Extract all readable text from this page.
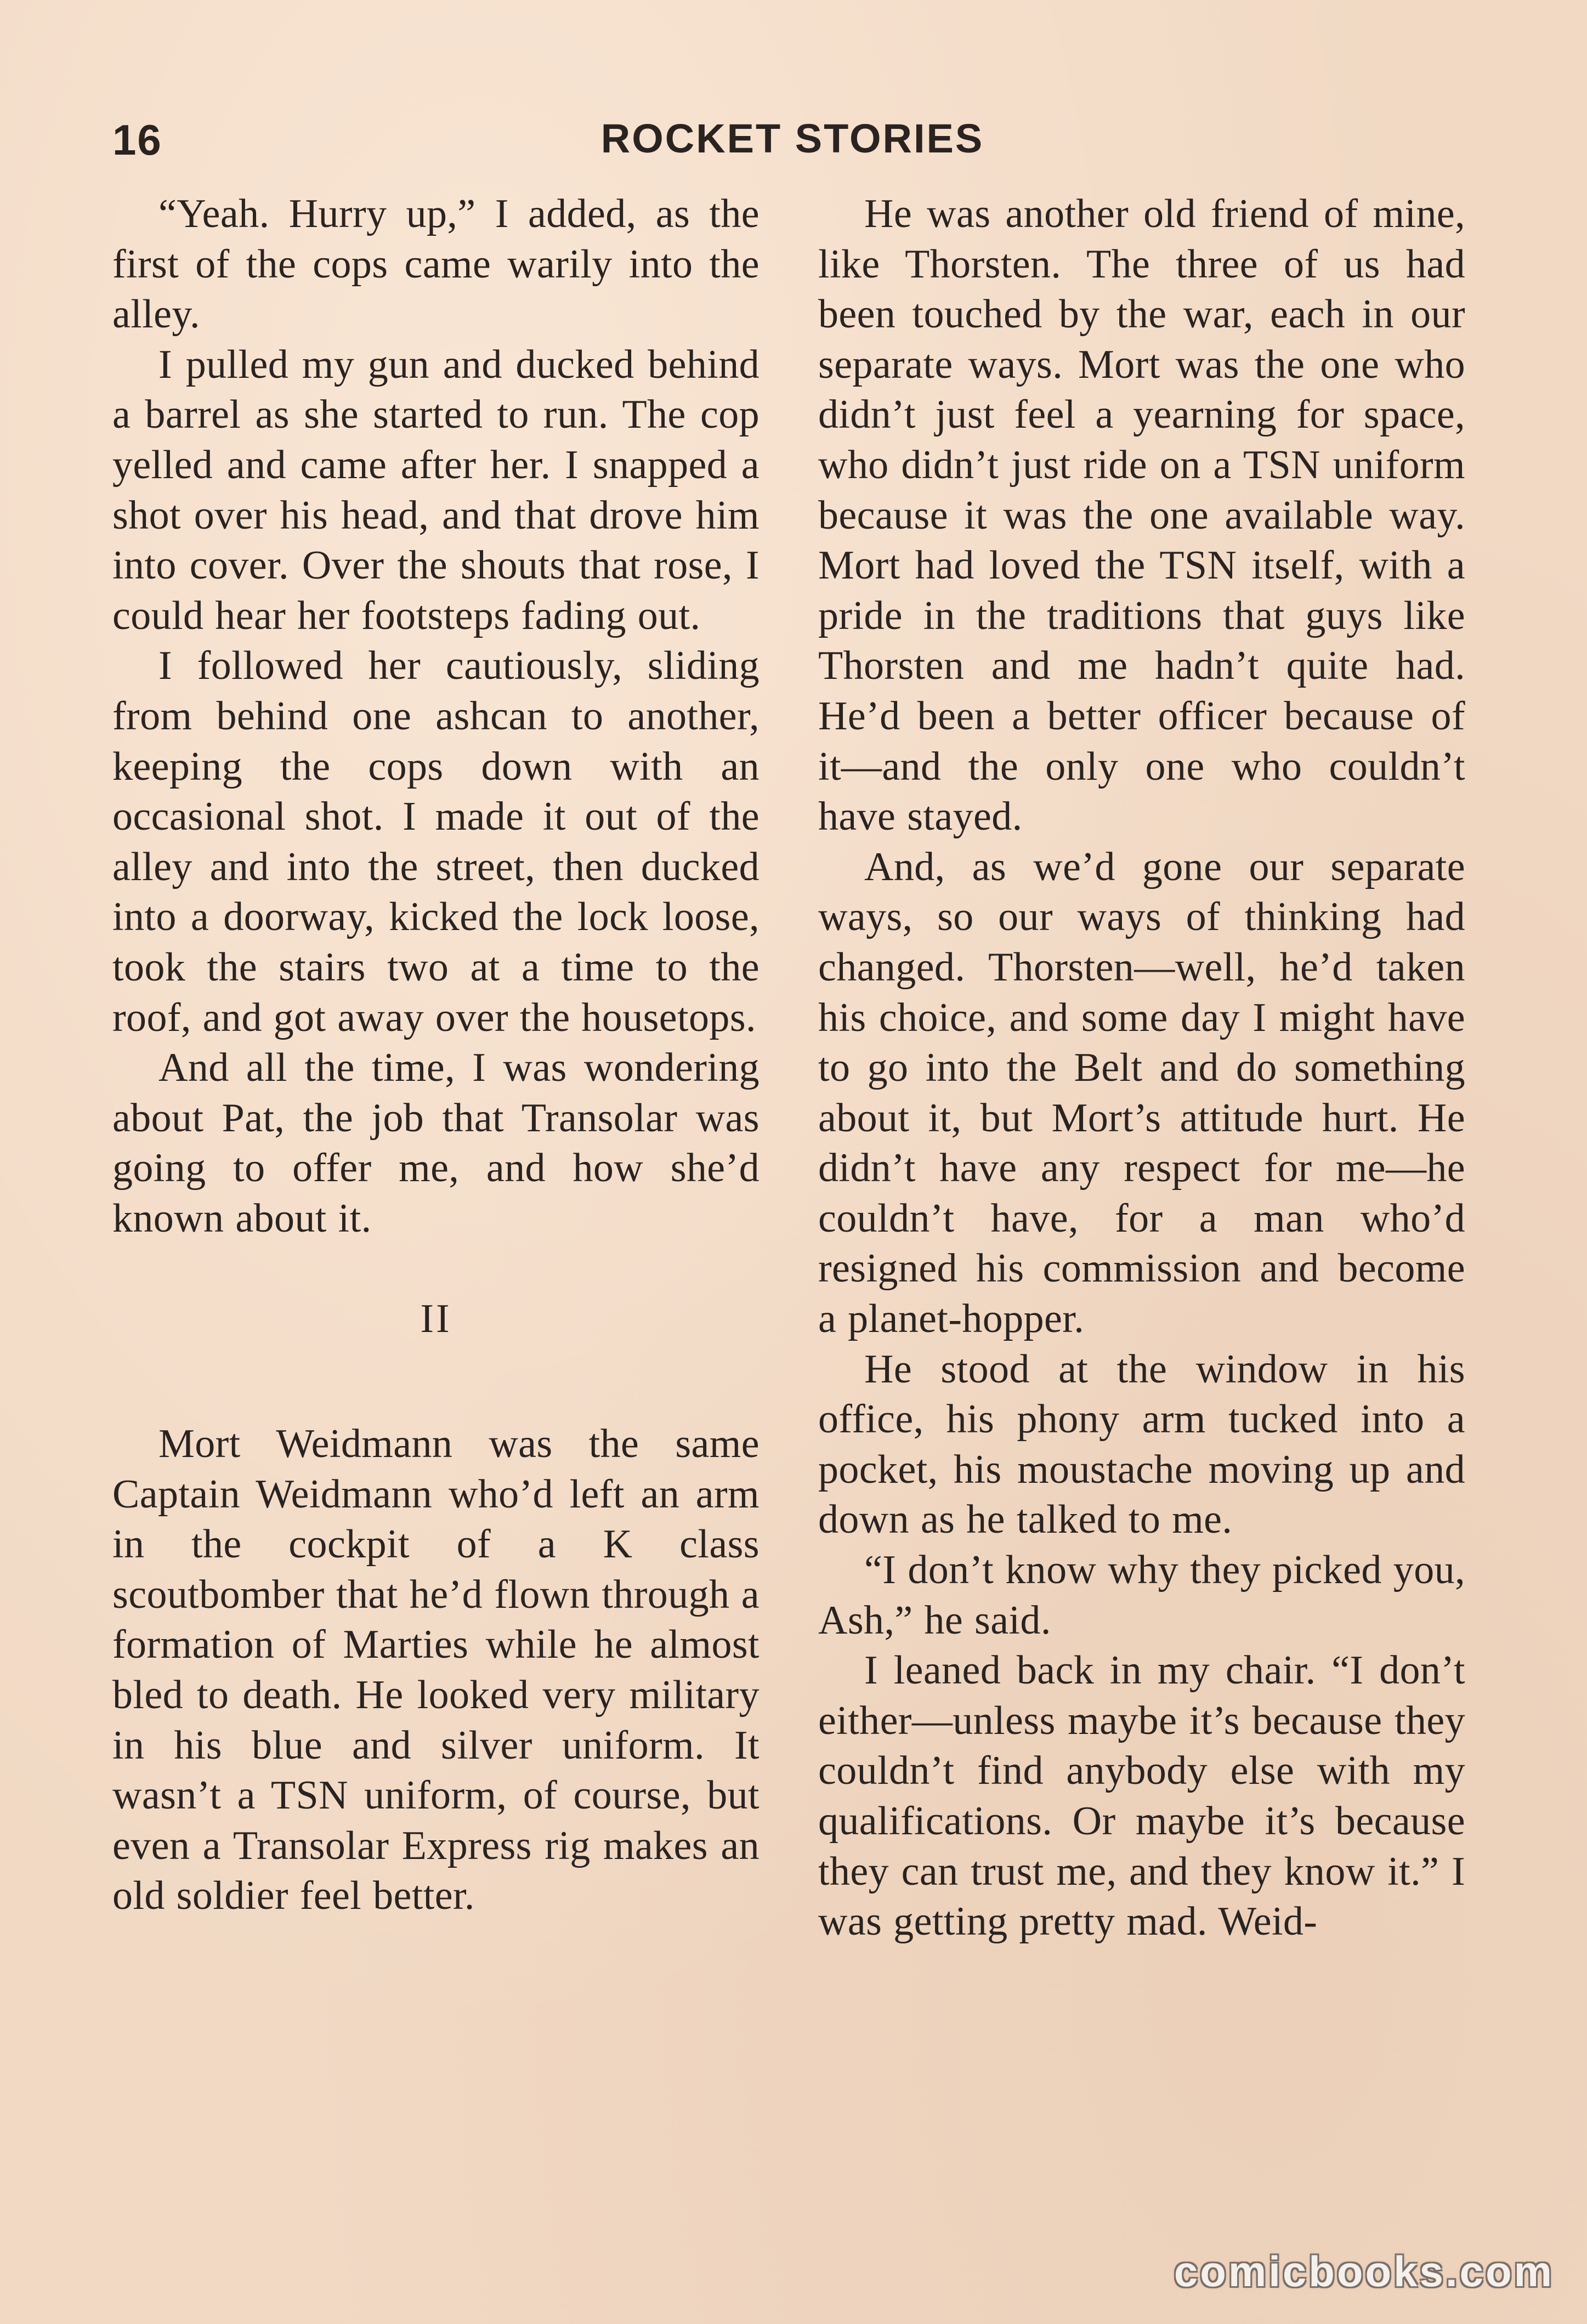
16	ROCKET STORIES

“Yeah. Hurry up,” I added, as the first of the cops came warily into the alley.

I pulled my gun and ducked behind a barrel as she started to run. The cop yelled and came after her. I snapped a shot over his head, and that drove him into cover. Over the shouts that rose, I could hear her footsteps fading out.

I followed her cautiously, sliding from behind one ashcan to another, keeping the cops down with an occasional shot. I made it out of the alley and into the street, then ducked into a doorway, kicked the lock loose, took the stairs two at a time to the roof, and got away over the housetops.

And all the time, I was wondering about Pat, the job that Transolar was going to offer me, and how she’d known about it.

II

Mort Weidmann was the same Captain Weidmann who’d left an arm in the cockpit of a K class scoutbomber that he’d flown through a formation of Marties while he almost bled to death. He looked very military in his blue and silver uniform. It wasn’t a TSN uniform, of course, but even a Transolar Express rig makes an old soldier feel better.

He was another old friend of mine, like Thorsten. The three of us had been touched by the war, each in our separate ways. Mort was the one who didn’t just feel a yearning for space, who didn’t just ride on a TSN uniform because it was the one available way. Mort had loved the TSN itself, with a pride in the traditions that guys like Thorsten and me hadn’t quite had. He’d been a better officer because of it—and the only one who couldn’t have stayed.

And, as we’d gone our separate ways, so our ways of thinking had changed. Thorsten—well, he’d taken his choice, and some day I might have to go into the Belt and do something about it, but Mort’s attitude hurt. He didn’t have any respect for me—he couldn’t have, for a man who’d resigned his commission and become a planet-hopper.

He stood at the window in his office, his phony arm tucked into a pocket, his moustache moving up and down as he talked to me.

“I don’t know why they picked you, Ash,” he said.

I leaned back in my chair. “I don’t either—unless maybe it’s because they couldn’t find anybody else with my qualifications. Or maybe it’s because they can trust me, and they know it.” I was getting pretty mad. Weid-

comicbooks.com
